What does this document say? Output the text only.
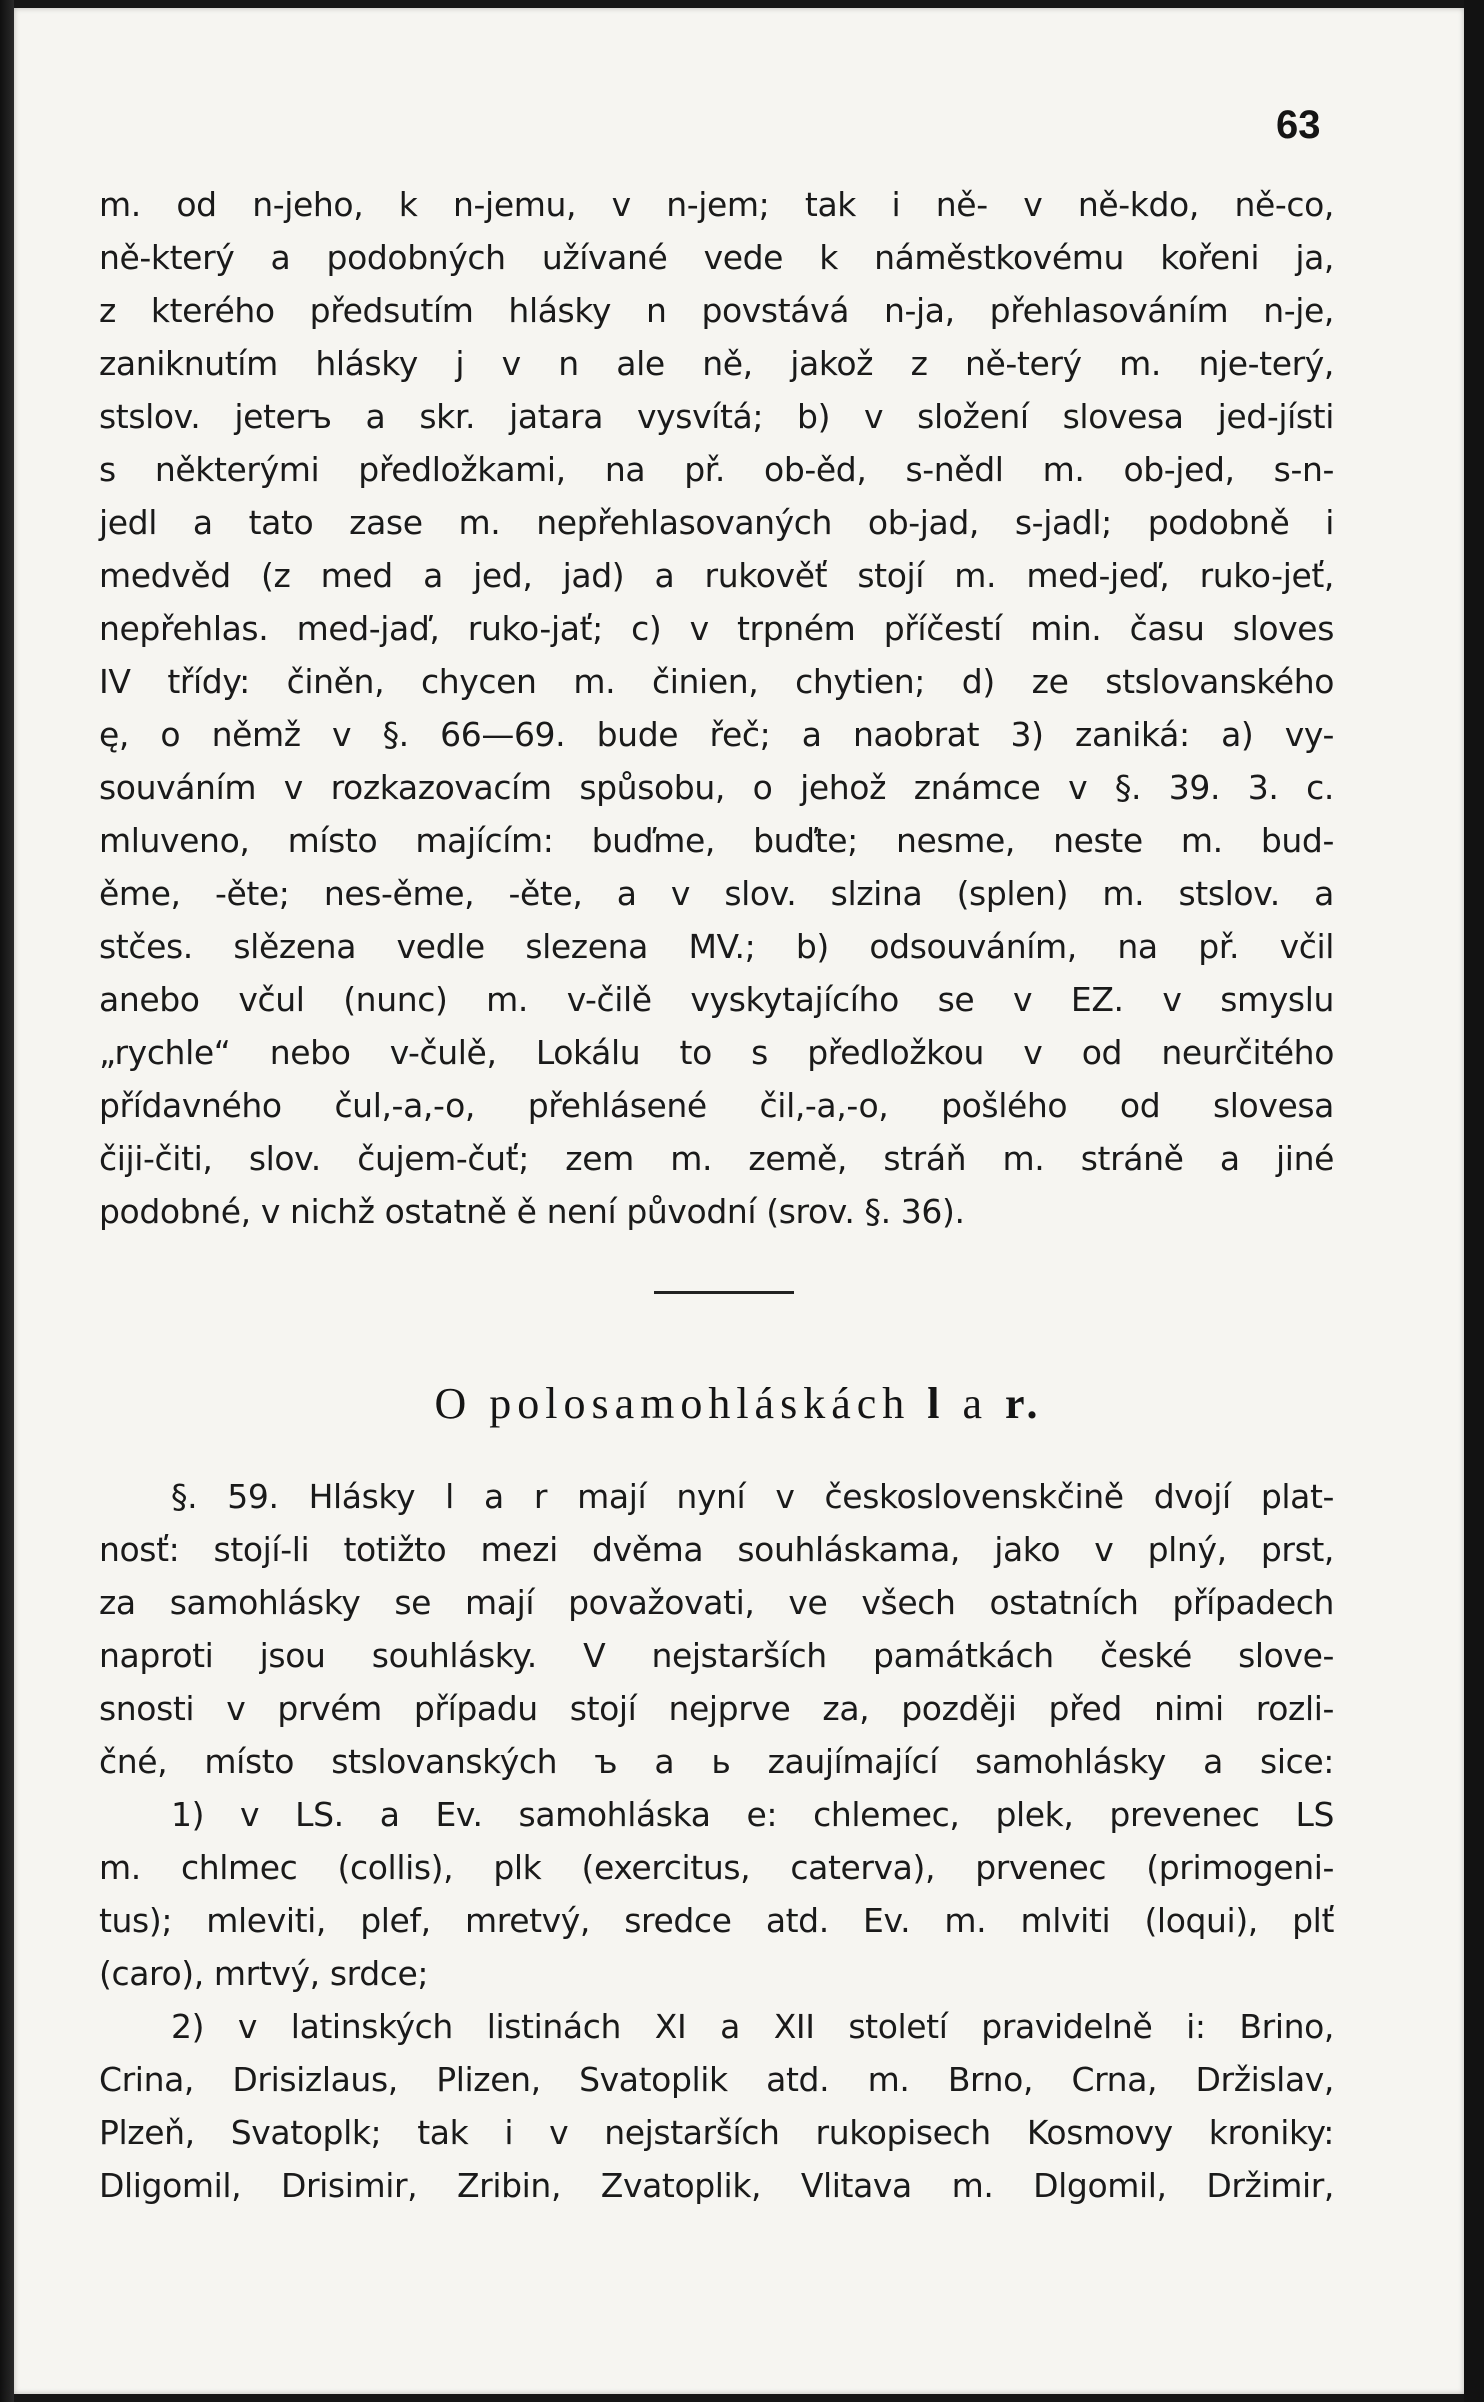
63
m. od n-jeho, k n-jemu, v n-jem; tak i ně- v ně-kdo, ně-co,
ně-který a podobných užívané vede k náměstkovému kořeni ja,
z kterého předsutím hlásky n povstává n-ja, přehlasováním n-je,
zaniknutím hlásky j v n ale ně, jakož z ně-terý m. nje-terý,
stslov. jeterъ a skr. jatara vysvítá; b) v složení slovesa jed-jísti
s některými předložkami, na př. ob-ěd, s-nědl m. ob-jed, s-n-
jedl a tato zase m. nepřehlasovaných ob-jad, s-jadl; podobně i
medvěd (z med a jed, jad) a rukověť stojí m. med-jeď, ruko-jeť,
nepřehlas. med-jaď, ruko-jať; c) v trpném příčestí min. času sloves
IV třídy: činěn, chycen m. činien, chytien; d) ze stslovanského
ę, o němž v §. 66—69. bude řeč; a naobrat 3) zaniká: a) vy-
souváním v rozkazovacím spůsobu, o jehož známce v §. 39. 3. c.
mluveno, místo majícím: buďme, buďte; nesme, neste m. bud-
ěme, -ěte; nes-ěme, -ěte, a v slov. slzina (splen) m. stslov. a
stčes. slězena vedle slezena MV.; b) odsouváním, na př. včil
anebo včul (nunc) m. v-čilě vyskytajícího se v EZ. v smyslu
„rychle“ nebo v-čulě, Lokálu to s předložkou v od neurčitého
přídavného čul,-a,-o, přehlásené čil,-a,-o, pošlého od slovesa
čiji-čiti, slov. čujem-čuť; zem m. země, stráň m. stráně a jiné
podobné, v nichž ostatně ě není původní (srov. §. 36).
O polosamohláskách l a r.
§. 59. Hlásky l a r mají nyní v československčině dvojí plat-
nosť: stojí-li totižto mezi dvěma souhláskama, jako v plný, prst,
za samohlásky se mají považovati, ve všech ostatních případech
naproti jsou souhlásky. V nejstarších památkách české slove-
snosti v prvém případu stojí nejprve za, později před nimi rozli-
čné, místo stslovanských ъ a ь zaujímající samohlásky a sice:
1) v LS. a Ev. samohláska e: chlemec, plek, prevenec LS
m. chlmec (collis), plk (exercitus, caterva), prvenec (primogeni-
tus); mleviti, plef, mretvý, sredce atd. Ev. m. mlviti (loqui), plť
(caro), mrtvý, srdce;
2) v latinských listinách XI a XII století pravidelně i: Brino,
Crina, Drisizlaus, Plizen, Svatoplik atd. m. Brno, Crna, Držislav,
Plzeň, Svatoplk; tak i v nejstarších rukopisech Kosmovy kroniky:
Dligomil, Drisimir, Zribin, Zvatoplik, Vlitava m. Dlgomil, Držimir,
